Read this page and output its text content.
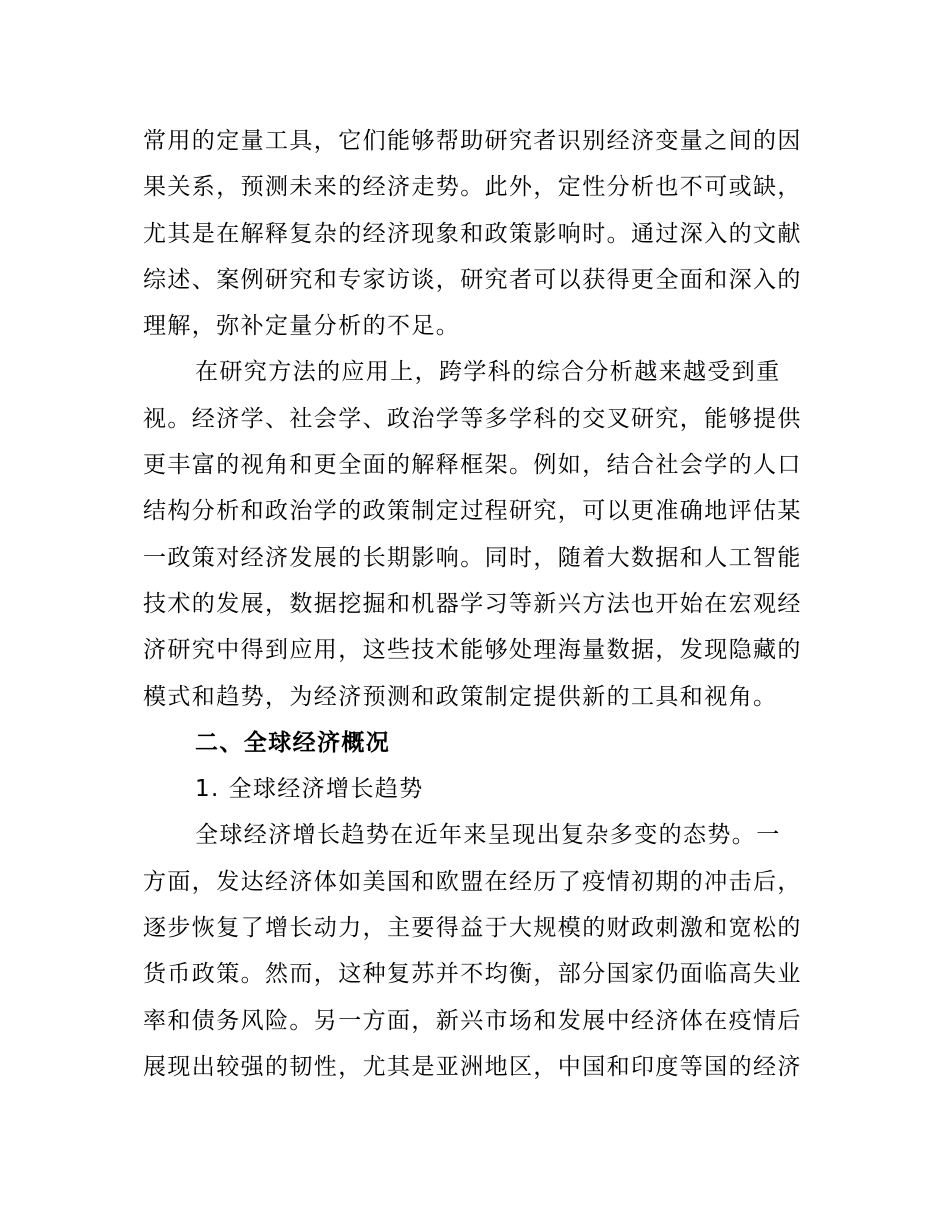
常用的定量工具，它们能够帮助研究者识别经济变量之间的因
果关系，预测未来的经济走势。此外，定性分析也不可或缺，
尤其是在解释复杂的经济现象和政策影响时。通过深入的文献
综述、案例研究和专家访谈，研究者可以获得更全面和深入的
理解，弥补定量分析的不足。
在研究方法的应用上，跨学科的综合分析越来越受到重
视。经济学、社会学、政治学等多学科的交叉研究，能够提供
更丰富的视角和更全面的解释框架。例如，结合社会学的人口
结构分析和政治学的政策制定过程研究，可以更准确地评估某
一政策对经济发展的长期影响。同时，随着大数据和人工智能
技术的发展，数据挖掘和机器学习等新兴方法也开始在宏观经
济研究中得到应用，这些技术能够处理海量数据，发现隐藏的
模式和趋势，为经济预测和政策制定提供新的工具和视角。
二、全球经济概况
1. 全球经济增长趋势
全球经济增长趋势在近年来呈现出复杂多变的态势。一
方面，发达经济体如美国和欧盟在经历了疫情初期的冲击后，
逐步恢复了增长动力，主要得益于大规模的财政刺激和宽松的
货币政策。然而，这种复苏并不均衡，部分国家仍面临高失业
率和债务风险。另一方面，新兴市场和发展中经济体在疫情后
展现出较强的韧性，尤其是亚洲地区，中国和印度等国的经济
